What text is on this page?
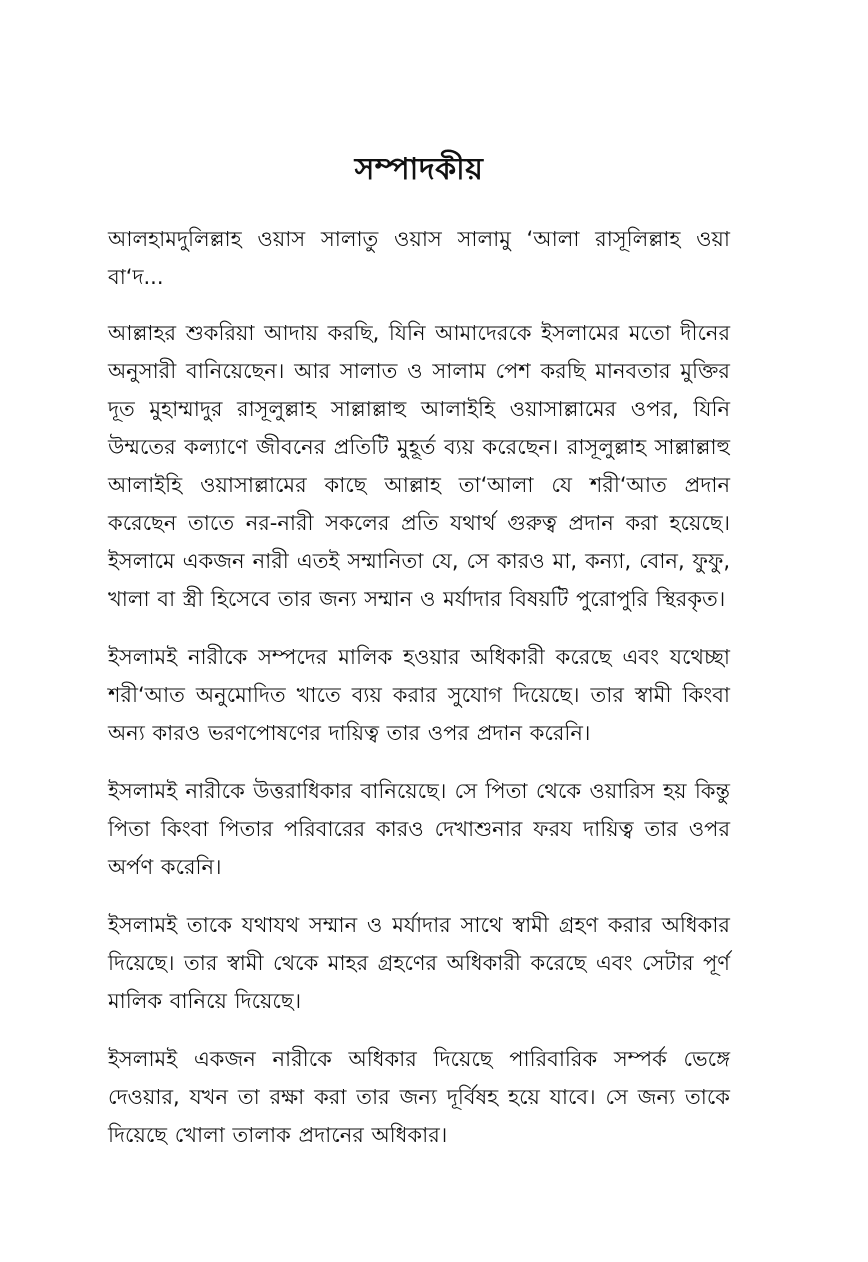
সম্পাদকীয়

আলহামদুলিল্লাহ ওয়াস সালাতু ওয়াস সালামু ‘আলা রাসূলিল্লাহ ওয়া বা‘দ...

আল্লাহর শুকরিয়া আদায় করছি, যিনি আমাদেরকে ইসলামের মতো দীনের অনুসারী বানিয়েছেন। আর সালাত ও সালাম পেশ করছি মানবতার মুক্তির দূত মুহাম্মাদুর রাসূলুল্লাহ সাল্লাল্লাহু আলাইহি ওয়াসাল্লামের ওপর, যিনি উম্মতের কল্যাণে জীবনের প্রতিটি মুহূর্ত ব্যয় করেছেন। রাসূলুল্লাহ সাল্লাল্লাহু আলাইহি ওয়াসাল্লামের কাছে আল্লাহ তা‘আলা যে শরী‘আত প্রদান করেছেন তাতে নর-নারী সকলের প্রতি যথার্থ গুরুত্ব প্রদান করা হয়েছে। ইসলামে একজন নারী এতই সম্মানিতা যে, সে কারও মা, কন্যা, বোন, ফুফু, খালা বা স্ত্রী হিসেবে তার জন্য সম্মান ও মর্যাদার বিষয়টি পুরোপুরি স্থিরকৃত।

ইসলামই নারীকে সম্পদের মালিক হওয়ার অধিকারী করেছে এবং যথেচ্ছা শরী‘আত অনুমোদিত খাতে ব্যয় করার সুযোগ দিয়েছে। তার স্বামী কিংবা অন্য কারও ভরণপোষণের দায়িত্ব তার ওপর প্রদান করেনি।

ইসলামই নারীকে উত্তরাধিকার বানিয়েছে। সে পিতা থেকে ওয়ারিস হয় কিন্তু পিতা কিংবা পিতার পরিবারের কারও দেখাশুনার ফরয দায়িত্ব তার ওপর অর্পণ করেনি।

ইসলামই তাকে যথাযথ সম্মান ও মর্যাদার সাথে স্বামী গ্রহণ করার অধিকার দিয়েছে। তার স্বামী থেকে মাহর গ্রহণের অধিকারী করেছে এবং সেটার পূর্ণ মালিক বানিয়ে দিয়েছে।

ইসলামই একজন নারীকে অধিকার দিয়েছে পারিবারিক সম্পর্ক ভেঙ্গে দেওয়ার, যখন তা রক্ষা করা তার জন্য দূর্বিষহ হয়ে যাবে। সে জন্য তাকে দিয়েছে খোলা তালাক প্রদানের অধিকার।
